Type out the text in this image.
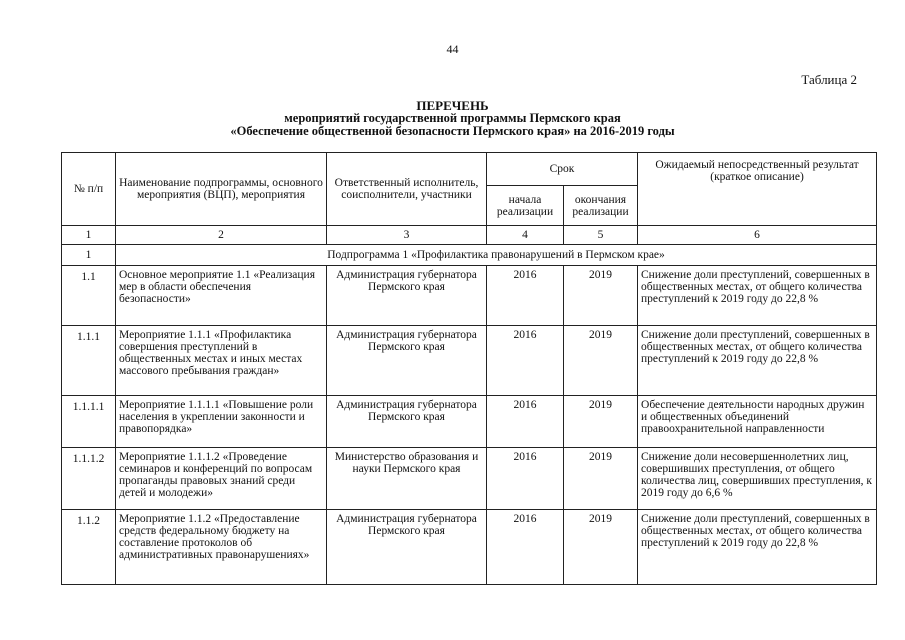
44
Таблица 2
ПЕРЕЧЕНЬ
мероприятий государственной программы Пермского края
«Обеспечение общественной безопасности Пермского края» на 2016-2019 годы
№ п/п	Наименование подпрограммы, основного мероприятия (ВЦП), мероприятия	Ответственный исполнитель, соисполнители, участники	Срок		Ожидаемый непосредственный результат (краткое описание)
			начала реализации	окончания реализации	
1	2	3	4	5	6
1	Подпрограмма 1 «Профилактика правонарушений в Пермском крае»				
1.1	Основное мероприятие 1.1 «Реализация мер в области обеспечения безопасности»	Администрация губернатора Пермского края	2016	2019	Снижение доли преступлений, совершенных в общественных местах, от общего количества преступлений к 2019 году до 22,8 %
1.1.1	Мероприятие 1.1.1 «Профилактика совершения преступлений в общественных местах и иных местах массового пребывания граждан»	Администрация губернатора Пермского края	2016	2019	Снижение доли преступлений, совершенных в общественных местах, от общего количества преступлений к 2019 году до 22,8 %
1.1.1.1	Мероприятие 1.1.1.1 «Повышение роли населения в укреплении законности и правопорядка»	Администрация губернатора Пермского края	2016	2019	Обеспечение деятельности народных дружин и общественных объединений правоохранительной направленности
1.1.1.2	Мероприятие 1.1.1.2 «Проведение семинаров и конференций по вопросам пропаганды правовых знаний среди детей и молодежи»	Министерство образования и науки Пермского края	2016	2019	Снижение доли несовершеннолетних лиц, совершивших преступления, от общего количества лиц, совершивших преступления, к 2019 году до 6,6 %
1.1.2	Мероприятие 1.1.2 «Предоставление средств федеральному бюджету на составление протоколов об административных правонарушениях»	Администрация губернатора Пермского края	2016	2019	Снижение доли преступлений, совершенных в общественных местах, от общего количества преступлений к 2019 году до 22,8 %
